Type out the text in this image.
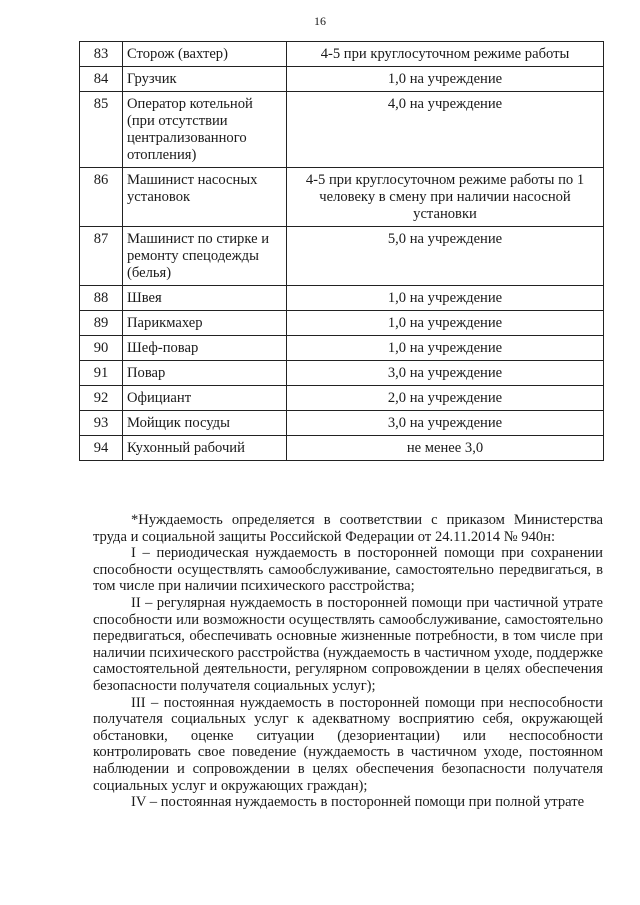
16
83	Сторож (вахтер)	4-5 при круглосуточном режиме работы
84	Грузчик	1,0 на учреждение
85	Оператор котельной (при отсутствии централизованного отопления)	4,0 на учреждение
86	Машинист насосных установок	4-5 при круглосуточном режиме работы по 1 человеку в смену при наличии насосной установки
87	Машинист по стирке и ремонту спецодежды (белья)	5,0 на учреждение
88	Швея	1,0 на учреждение
89	Парикмахер	1,0 на учреждение
90	Шеф-повар	1,0 на учреждение
91	Повар	3,0 на учреждение
92	Официант	2,0 на учреждение
93	Мойщик посуды	3,0 на учреждение
94	Кухонный рабочий	не менее 3,0

*Нуждаемость определяется в соответствии с приказом Министерства труда и социальной защиты Российской Федерации от 24.11.2014 № 940н:

I – периодическая нуждаемость в посторонней помощи при сохранении способности осуществлять самообслуживание, самостоятельно передвигаться, в том числе при наличии психического расстройства;

II – регулярная нуждаемость в посторонней помощи при частичной утрате способности или возможности осуществлять самообслуживание, самостоятельно передвигаться, обеспечивать основные жизненные потребности, в том числе при наличии психического расстройства (нуждаемость в частичном уходе, поддержке самостоятельной деятельности, регулярном сопровождении в целях обеспечения безопасности получателя социальных услуг);

III – постоянная нуждаемость в посторонней помощи при неспособности получателя социальных услуг к адекватному восприятию себя, окружающей обстановки, оценке ситуации (дезориентации) или неспособности контролировать свое поведение (нуждаемость в частичном уходе, постоянном наблюдении и сопровождении в целях обеспечения безопасности получателя социальных услуг и окружающих граждан);

IV – постоянная нуждаемость в посторонней помощи при полной утрате
